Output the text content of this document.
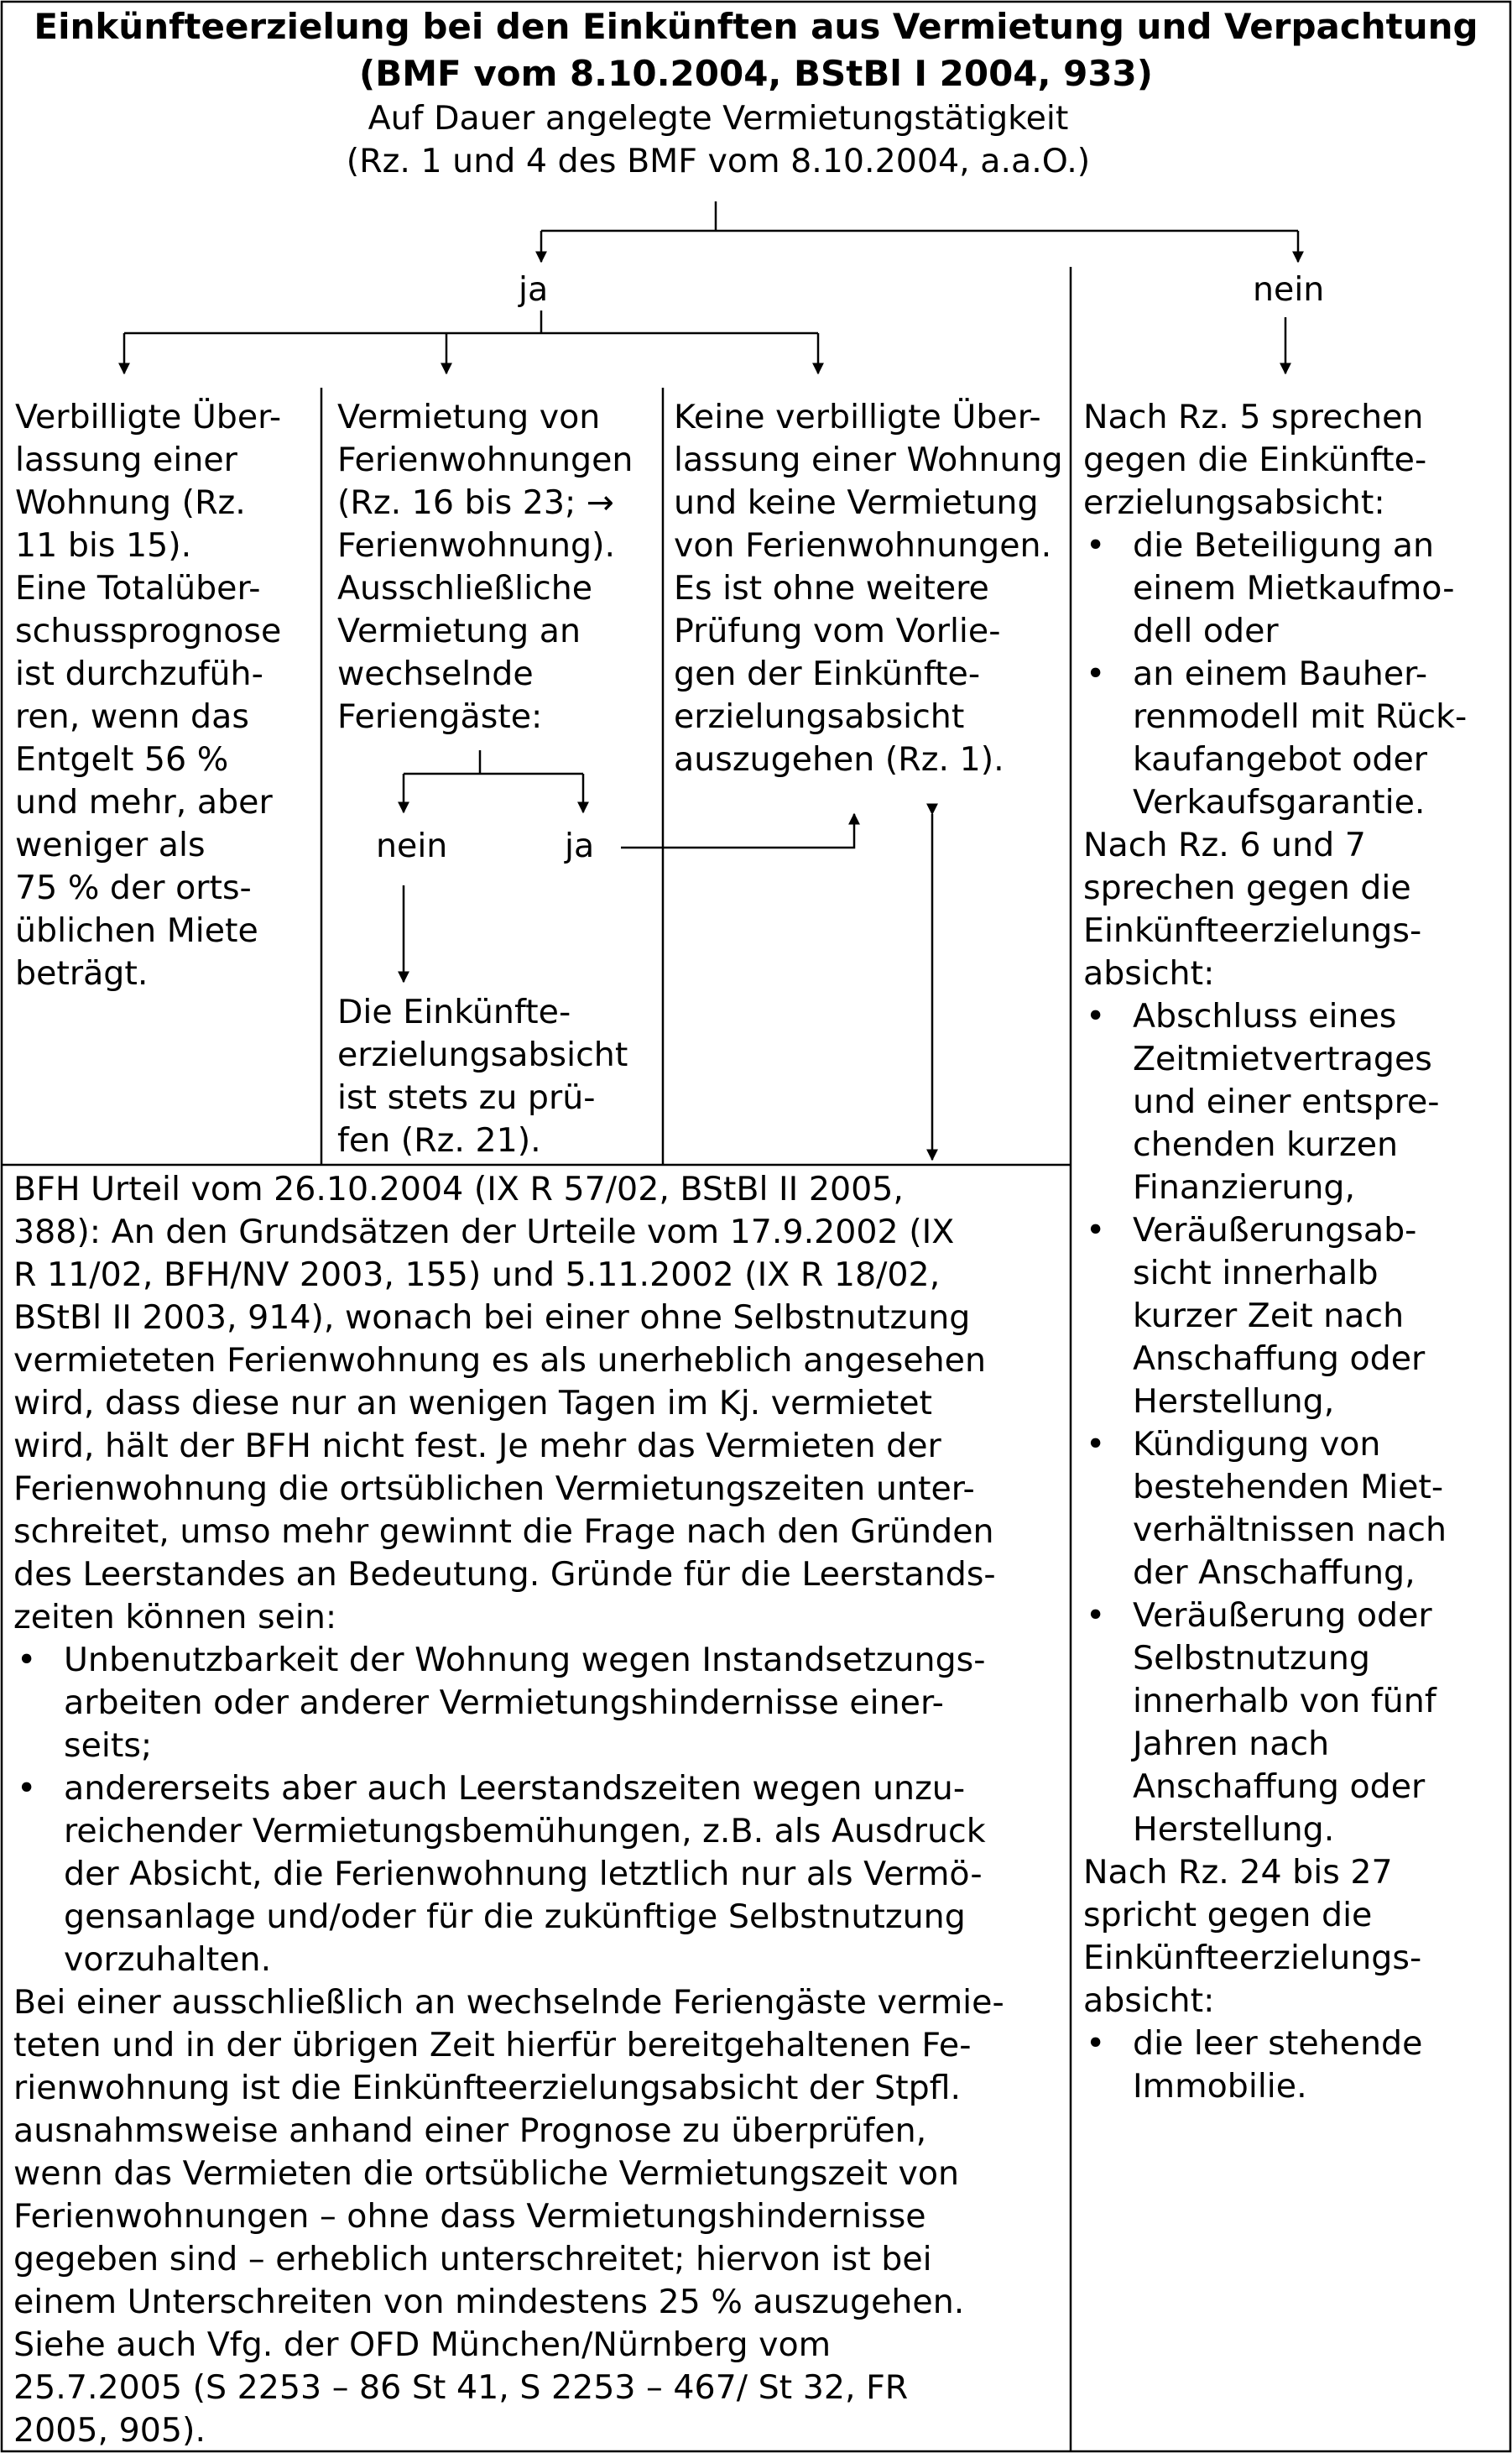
Einkünfteerzielung bei den Einkünften aus Vermietung und Verpachtung
(BMF vom 8.10.2004, BStBl I 2004, 933)
Auf Dauer angelegte Vermietungstätigkeit
(Rz. 1 und 4 des BMF vom 8.10.2004, a.a.O.)
ja	nein
Verbilligte Über-
lassung einer
Wohnung (Rz.
11 bis 15).
Eine Totalüber-
schussprognose
ist durchzufüh-
ren, wenn das
Entgelt 56 %
und mehr, aber
weniger als
75 % der orts-
üblichen Miete
beträgt.
Vermietung von
Ferienwohnungen
(Rz. 16 bis 23; →
Ferienwohnung).
Ausschließliche
Vermietung an
wechselnde
Feriengäste:
Die Einkünfte-
erzielungsabsicht
ist stets zu prü-
fen (Rz. 21).
nein	ja
Keine verbilligte Über-
lassung einer Wohnung
und keine Vermietung
von Ferienwohnungen.
Es ist ohne weitere
Prüfung vom Vorlie-
gen der Einkünfte-
erzielungsabsicht
auszugehen (Rz. 1).
Nach Rz. 5 sprechen
gegen die Einkünfte-
erzielungsabsicht:
• die Beteiligung an
einem Mietkaufmo-
dell oder
• an einem Bauher-
renmodell mit Rück-
kaufangebot oder
Verkaufsgarantie.
Nach Rz. 6 und 7
sprechen gegen die
Einkünfteerzielungs-
absicht:
• Abschluss eines
Zeitmietvertrages
und einer entspre-
chenden kurzen
Finanzierung,
• Veräußerungsab-
sicht innerhalb
kurzer Zeit nach
Anschaffung oder
Herstellung,
• Kündigung von
bestehenden Miet-
verhältnissen nach
der Anschaffung,
• Veräußerung oder
Selbstnutzung
innerhalb von fünf
Jahren nach
Anschaffung oder
Herstellung.
Nach Rz. 24 bis 27
spricht gegen die
Einkünfteerzielungs-
absicht:
• die leer stehende
Immobilie.
BFH Urteil vom 26.10.2004 (IX R 57/02, BStBl II 2005,
388): An den Grundsätzen der Urteile vom 17.9.2002 (IX
R 11/02, BFH/NV 2003, 155) und 5.11.2002 (IX R 18/02,
BStBl II 2003, 914), wonach bei einer ohne Selbstnutzung
vermieteten Ferienwohnung es als unerheblich angesehen
wird, dass diese nur an wenigen Tagen im Kj. vermietet
wird, hält der BFH nicht fest. Je mehr das Vermieten der
Ferienwohnung die ortsüblichen Vermietungszeiten unter-
schreitet, umso mehr gewinnt die Frage nach den Gründen
des Leerstandes an Bedeutung. Gründe für die Leerstands-
zeiten können sein:
• Unbenutzbarkeit der Wohnung wegen Instandsetzungs-
arbeiten oder anderer Vermietungshindernisse einer-
seits;
• andererseits aber auch Leerstandszeiten wegen unzu-
reichender Vermietungsbemühungen, z.B. als Ausdruck
der Absicht, die Ferienwohnung letztlich nur als Vermö-
gensanlage und/oder für die zukünftige Selbstnutzung
vorzuhalten.
Bei einer ausschließlich an wechselnde Feriengäste vermie-
teten und in der übrigen Zeit hierfür bereitgehaltenen Fe-
rienwohnung ist die Einkünfteerzielungsabsicht der Stpfl.
ausnahmsweise anhand einer Prognose zu überprüfen,
wenn das Vermieten die ortsübliche Vermietungszeit von
Ferienwohnungen – ohne dass Vermietungshindernisse
gegeben sind – erheblich unterschreitet; hiervon ist bei
einem Unterschreiten von mindestens 25 % auszugehen.
Siehe auch Vfg. der OFD München/Nürnberg vom
25.7.2005 (S 2253 – 86 St 41, S 2253 – 467/ St 32, FR
2005, 905).
